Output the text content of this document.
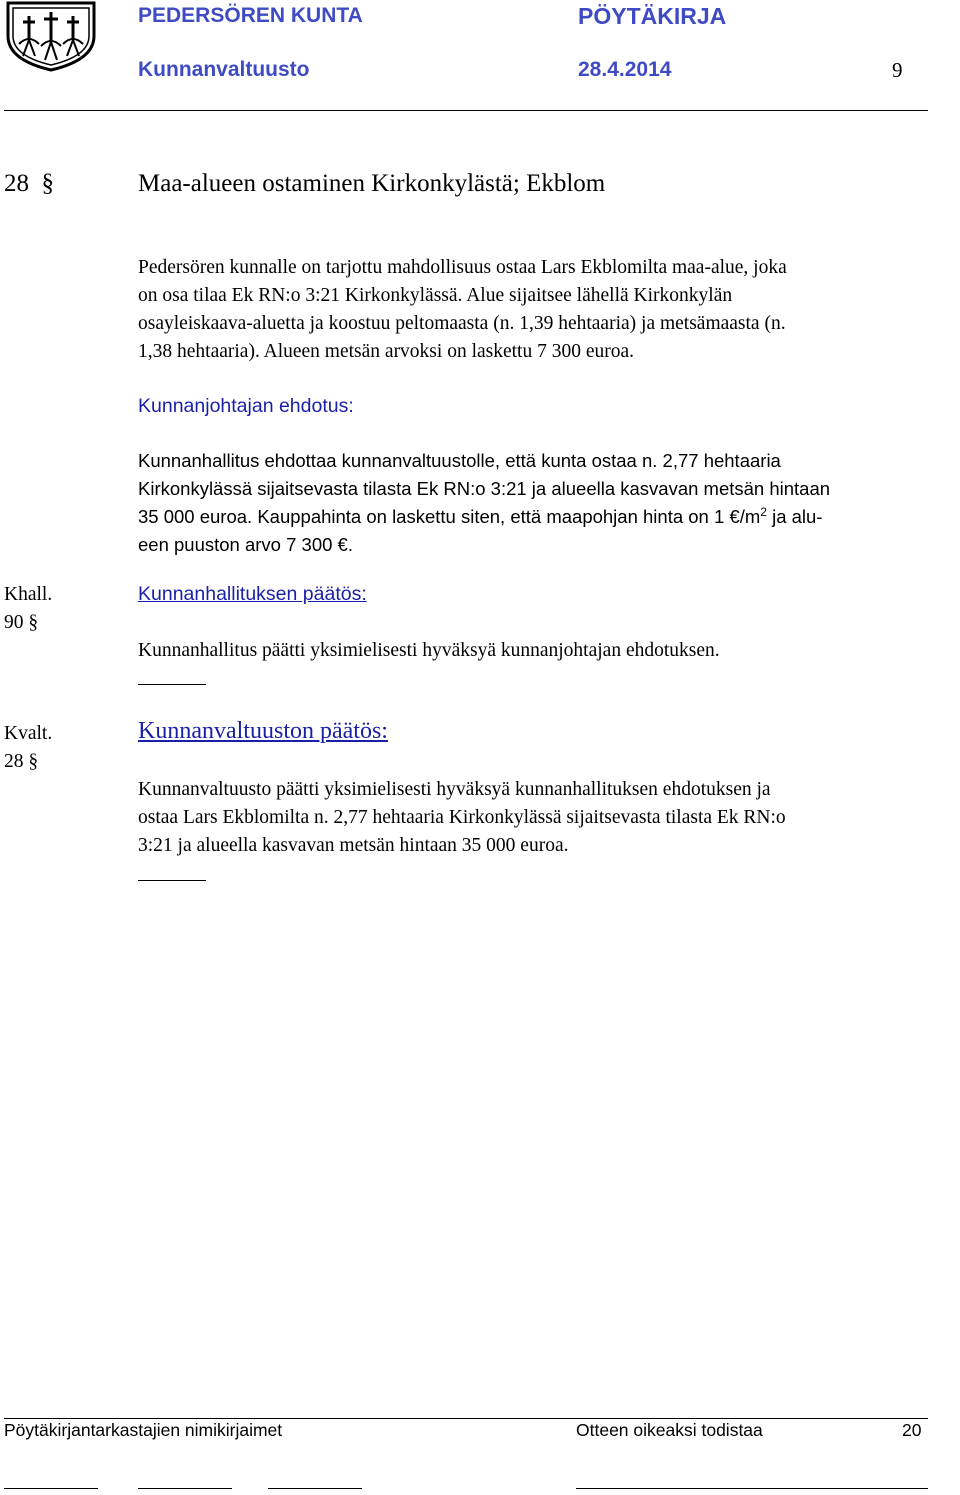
PEDERSÖREN KUNTA	PÖYTÄKIRJA
Kunnanvaltuusto	28.4.2014	9
28 §	Maa-alueen ostaminen Kirkonkylästä; Ekblom
Pedersören kunnalle on tarjottu mahdollisuus ostaa Lars Ekblomilta maa-alue, joka
on osa tilaa Ek RN:o 3:21 Kirkonkylässä. Alue sijaitsee lähellä Kirkonkylän
osayleiskaava-aluetta ja koostuu peltomaasta (n. 1,39 hehtaaria) ja metsämaasta (n.
1,38 hehtaaria). Alueen metsän arvoksi on laskettu 7 300 euroa.
Kunnanjohtajan ehdotus:
Kunnanhallitus ehdottaa kunnanvaltuustolle, että kunta ostaa n. 2,77 hehtaaria
Kirkonkylässä sijaitsevasta tilasta Ek RN:o 3:21 ja alueella kasvavan metsän hintaan
35 000 euroa. Kauppahinta on laskettu siten, että maapohjan hinta on 1 $€/m^2$ ja alu-
een puuston arvo 7 300 €.
Khall.
90 §
Kunnanhallituksen päätös:
Kunnanhallitus päätti yksimielisesti hyväksyä kunnanjohtajan ehdotuksen.
Kvalt.
28 §
Kunnanvaltuuston päätös:
Kunnanvaltuusto päätti yksimielisesti hyväksyä kunnanhallituksen ehdotuksen ja
ostaa Lars Ekblomilta n. 2,77 hehtaaria Kirkonkylässä sijaitsevasta tilasta Ek RN:o
3:21 ja alueella kasvavan metsän hintaan 35 000 euroa.
Pöytäkirjantarkastajien nimikirjaimet	Otteen oikeaksi todistaa	20
